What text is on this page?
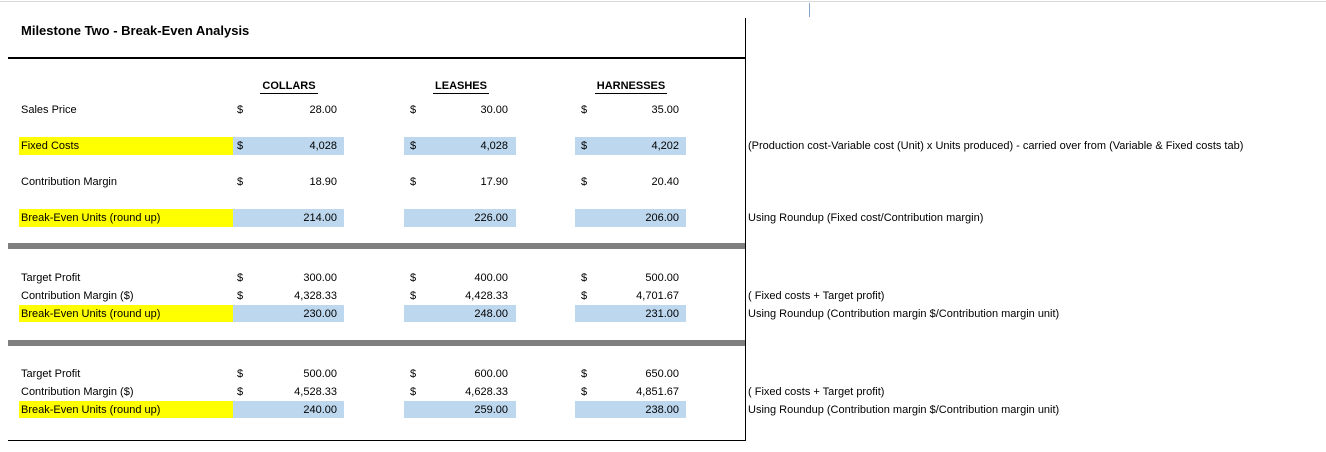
Milestone Two - Break-Even Analysis
COLLARS	LEASHES	HARNESSES
Sales Price	$	28.00	$	30.00	$	35.00
Fixed Costs	$	4,028	$	4,028	$	4,202	(Production cost-Variable cost (Unit) x Units produced) - carried over from (Variable & Fixed costs tab)
Contribution Margin	$	18.90	$	17.90	$	20.40
Break-Even Units (round up)	214.00	226.00	206.00	Using Roundup (Fixed cost/Contribution margin)
Target Profit	$	300.00	$	400.00	$	500.00
Contribution Margin ($)	$	4,328.33	$	4,428.33	$	4,701.67	( Fixed costs + Target profit)
Break-Even Units (round up)	230.00	248.00	231.00	Using Roundup (Contribution margin $/Contribution margin unit)
Target Profit	$	500.00	$	600.00	$	650.00
Contribution Margin ($)	$	4,528.33	$	4,628.33	$	4,851.67	( Fixed costs + Target profit)
Break-Even Units (round up)	240.00	259.00	238.00	Using Roundup (Contribution margin $/Contribution margin unit)
